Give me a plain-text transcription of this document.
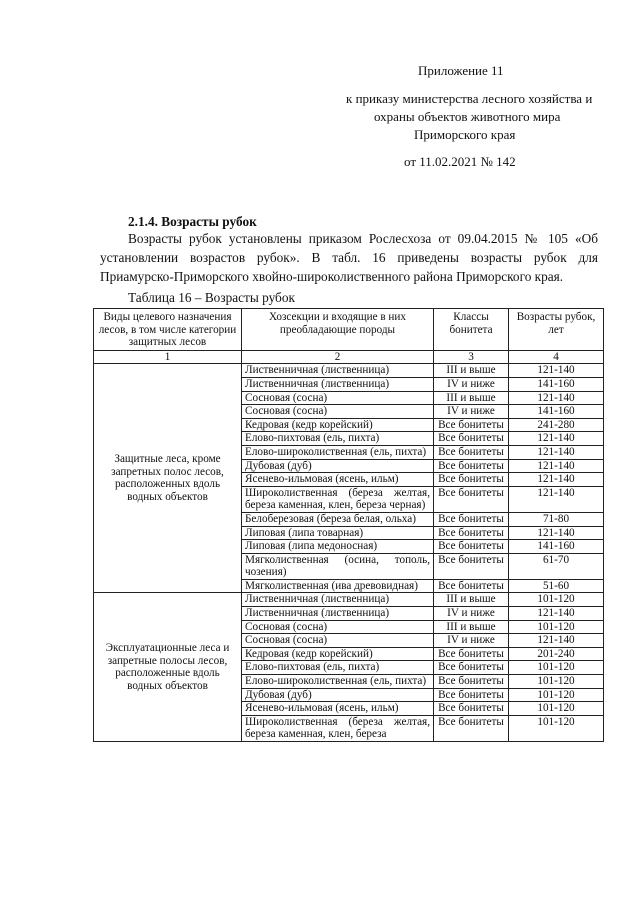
Приложение 11
к приказу министерства лесного хозяйства и
охраны объектов животного мира
Приморского края
от 11.02.2021 № 142
2.1.4. Возрасты рубок
Возрасты рубок установлены приказом Рослесхоза от 09.04.2015 № 105 «Об установлении возрастов рубок». В табл. 16 приведены возрасты рубок для Приамурско-Приморского хвойно-широколиственного района Приморского края.
Таблица 16 – Возрасты рубок
Виды целевого назначения лесов, в том числе категории защитных лесов	Хозсекции и входящие в них преобладающие породы	Классы бонитета	Возрасты рубок, лет
1	2	3	4
Защитные леса, кроме запретных полос лесов, расположенных вдоль водных объектов	Лиственничная (лиственница)	III и выше	121-140
	Лиственничная (лиственница)	IV и ниже	141-160
	Сосновая (сосна)	III и выше	121-140
	Сосновая (сосна)	IV и ниже	141-160
	Кедровая (кедр корейский)	Все бонитеты	241-280
	Елово-пихтовая (ель, пихта)	Все бонитеты	121-140
	Елово-широколиственная (ель, пихта)	Все бонитеты	121-140
	Дубовая (дуб)	Все бонитеты	121-140
	Ясенево-ильмовая (ясень, ильм)	Все бонитеты	121-140
	Широколиственная (береза желтая, береза каменная, клен, береза черная)	Все бонитеты	121-140
	Белоберезовая (береза белая, ольха)	Все бонитеты	71-80
	Липовая (липа товарная)	Все бонитеты	121-140
	Липовая (липа медоносная)	Все бонитеты	141-160
	Мягколиственная (осина, тополь, чозения)	Все бонитеты	61-70
	Мягколиственная (ива древовидная)	Все бонитеты	51-60
Эксплуатационные леса и запретные полосы лесов, расположенные вдоль водных объектов	Лиственничная (лиственница)	III и выше	101-120
	Лиственничная (лиственница)	IV и ниже	121-140
	Сосновая (сосна)	III и выше	101-120
	Сосновая (сосна)	IV и ниже	121-140
	Кедровая (кедр корейский)	Все бонитеты	201-240
	Елово-пихтовая (ель, пихта)	Все бонитеты	101-120
	Елово-широколиственная (ель, пихта)	Все бонитеты	101-120
	Дубовая (дуб)	Все бонитеты	101-120
	Ясенево-ильмовая (ясень, ильм)	Все бонитеты	101-120
	Широколиственная (береза желтая, береза каменная, клен, береза	Все бонитеты	101-120
